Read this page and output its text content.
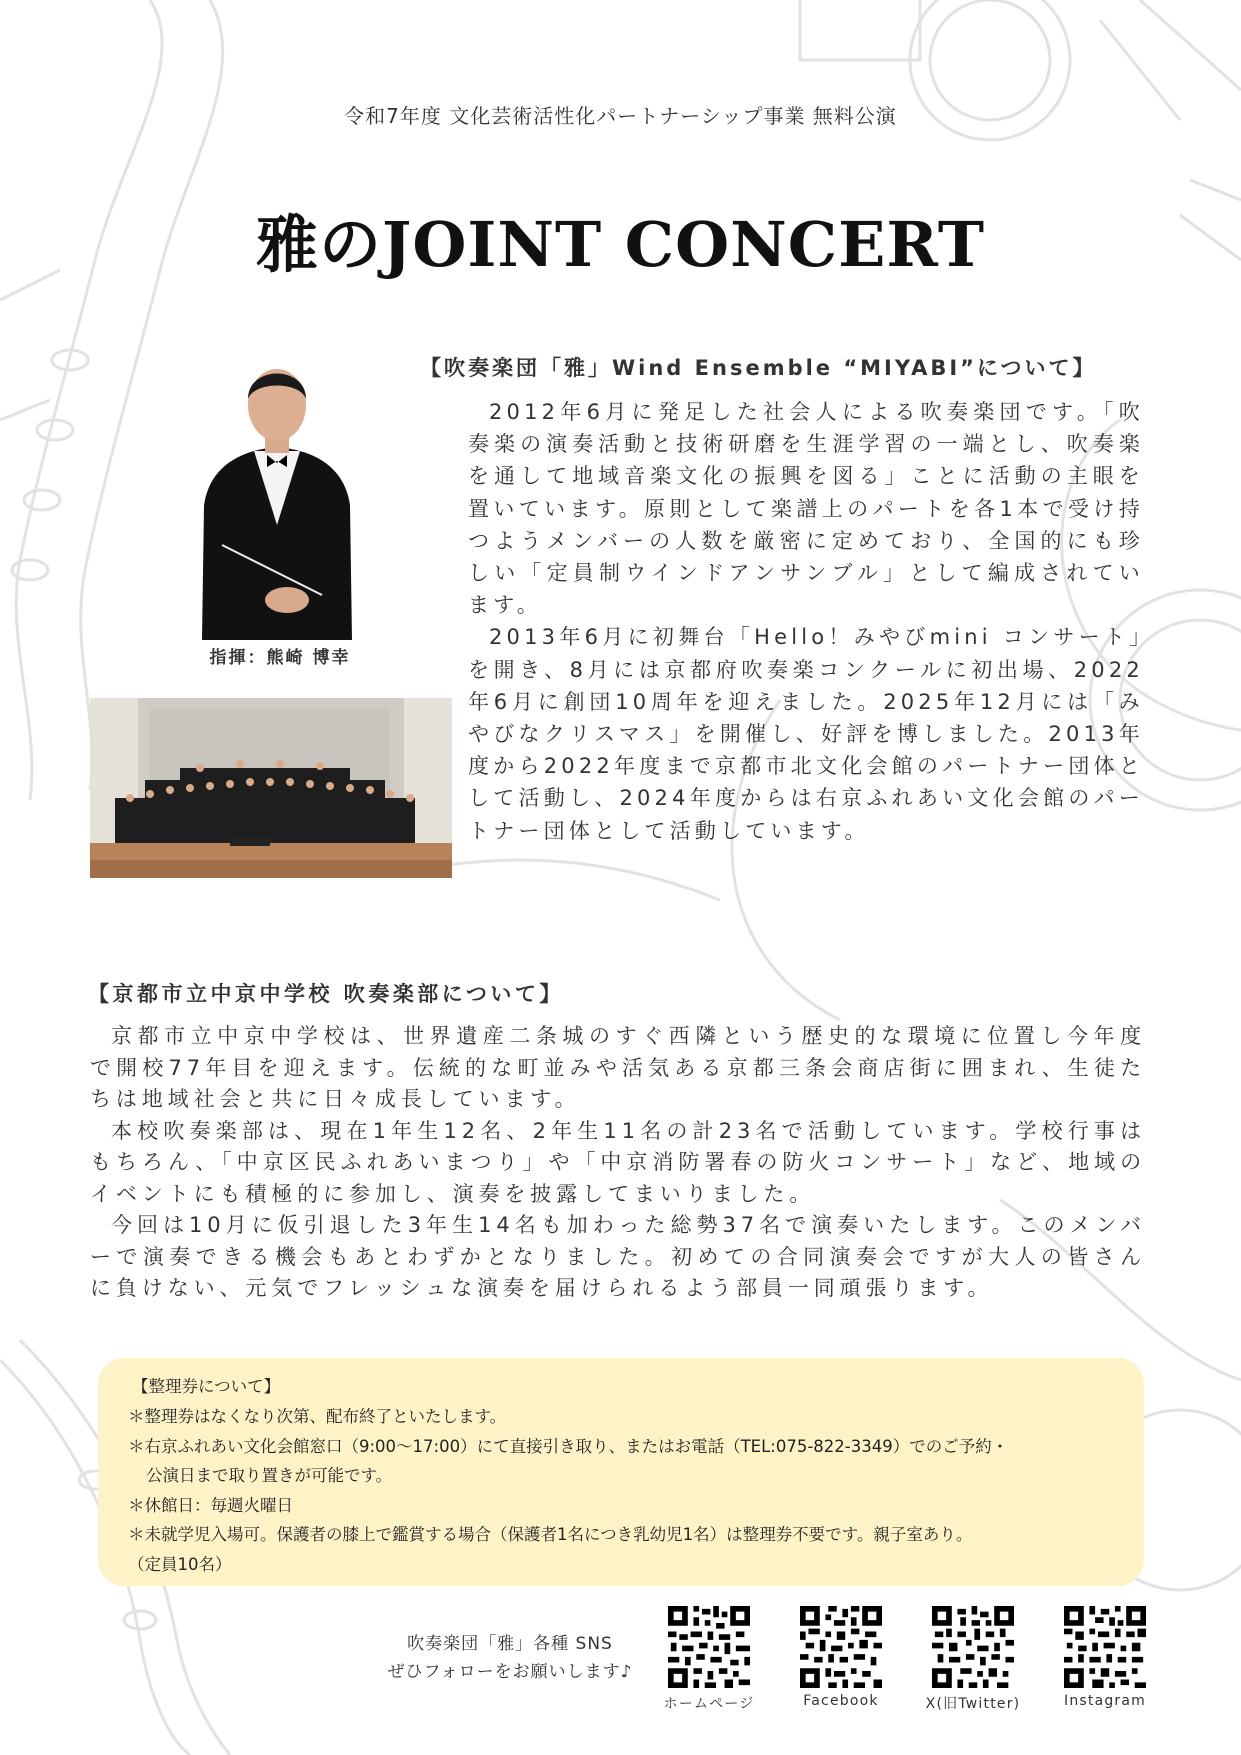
令和7年度 文化芸術活性化パートナーシップ事業 無料公演
雅のJOINT CONCERT
指揮：熊崎 博幸
【吹奏楽団「雅」Wind Ensemble “MIYABI”について】

2012年6月に発足した社会人による吹奏楽団です。「吹奏楽の演奏活動と技術研磨を生涯学習の一端とし、吹奏楽を通して地域音楽文化の振興を図る」ことに活動の主眼を置いています。原則として楽譜上のパートを各1本で受け持つようメンバーの人数を厳密に定めており、全国的にも珍しい「定員制ウインドアンサンブル」として編成されています。

2013年6月に初舞台「Hello！みやびmini コンサート」を開き、8月には京都府吹奏楽コンクールに初出場、2022年6月に創団10周年を迎えました。2025年12月には「みやびなクリスマス」を開催し、好評を博しました。2013年度から2022年度まで京都市北文化会館のパートナー団体として活動し、2024年度からは右京ふれあい文化会館のパートナー団体として活動しています。

【京都市立中京中学校 吹奏楽部について】

京都市立中京中学校は、世界遺産二条城のすぐ西隣という歴史的な環境に位置し今年度で開校77年目を迎えます。伝統的な町並みや活気ある京都三条会商店街に囲まれ、生徒たちは地域社会と共に日々成長しています。

本校吹奏楽部は、現在1年生12名、2年生11名の計23名で活動しています。学校行事はもちろん、「中京区民ふれあいまつり」や「中京消防署春の防火コンサート」など、地域のイベントにも積極的に参加し、演奏を披露してまいりました。

今回は10月に仮引退した3年生14名も加わった総勢37名で演奏いたします。このメンバーで演奏できる機会もあとわずかとなりました。初めての合同演奏会ですが大人の皆さんに負けない、元気でフレッシュな演奏を届けられるよう部員一同頑張ります。

【整理券について】
＊整理券はなくなり次第、配布終了といたします。
＊右京ふれあい文化会館窓口（9:00〜17:00）にて直接引き取り、またはお電話（TEL:075-822-3349）でのご予約・
公演日まで取り置きが可能です。
＊休館日：毎週火曜日
＊未就学児入場可。保護者の膝上で鑑賞する場合（保護者1名につき乳幼児1名）は整理券不要です。親子室あり。
（定員10名）
吹奏楽団「雅」各種 SNS
ぜひフォローをお願いします♪
ホームページ	Facebook	X(旧Twitter)	Instagram
